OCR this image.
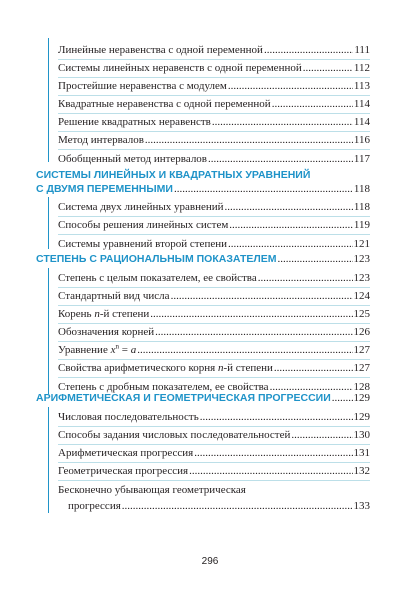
Линейные неравенства с одной переменной .....	111
Системы линейных неравенств с одной переменной .....	112
Простейшие неравенства с модулем .....	113
Квадратные неравенства с одной переменной .....	114
Решение квадратных неравенств .....	114
Метод интервалов .....	116
Обобщенный метод интервалов .....	117
СИСТЕМЫ ЛИНЕЙНЫХ И КВАДРАТНЫХ УРАВНЕНИЙ
С ДВУМЯ ПЕРЕМЕННЫМИ .....	118
Система двух линейных уравнений .....	118
Способы решения линейных систем .....	119
Системы уравнений второй степени .....	121
СТЕПЕНЬ С РАЦИОНАЛЬНЫМ ПОКАЗАТЕЛЕМ .....	123
Степень с целым показателем, ее свойства .....	123
Стандартный вид числа .....	124
Корень n-й степени .....	125
Обозначения корней .....	126
Уравнение $x^n = a$ .....	127
Свойства арифметического корня n-й степени .....	127
Степень с дробным показателем, ее свойства .....	128
АРИФМЕТИЧЕСКАЯ И ГЕОМЕТРИЧЕСКАЯ ПРОГРЕССИИ ..... 129
Числовая последовательность .....	129
Способы задания числовых последовательностей .....	130
Арифметическая прогрессия .....	131
Геометрическая прогрессия .....	132
Бесконечно убывающая геометрическая
прогрессия .....	133
296
